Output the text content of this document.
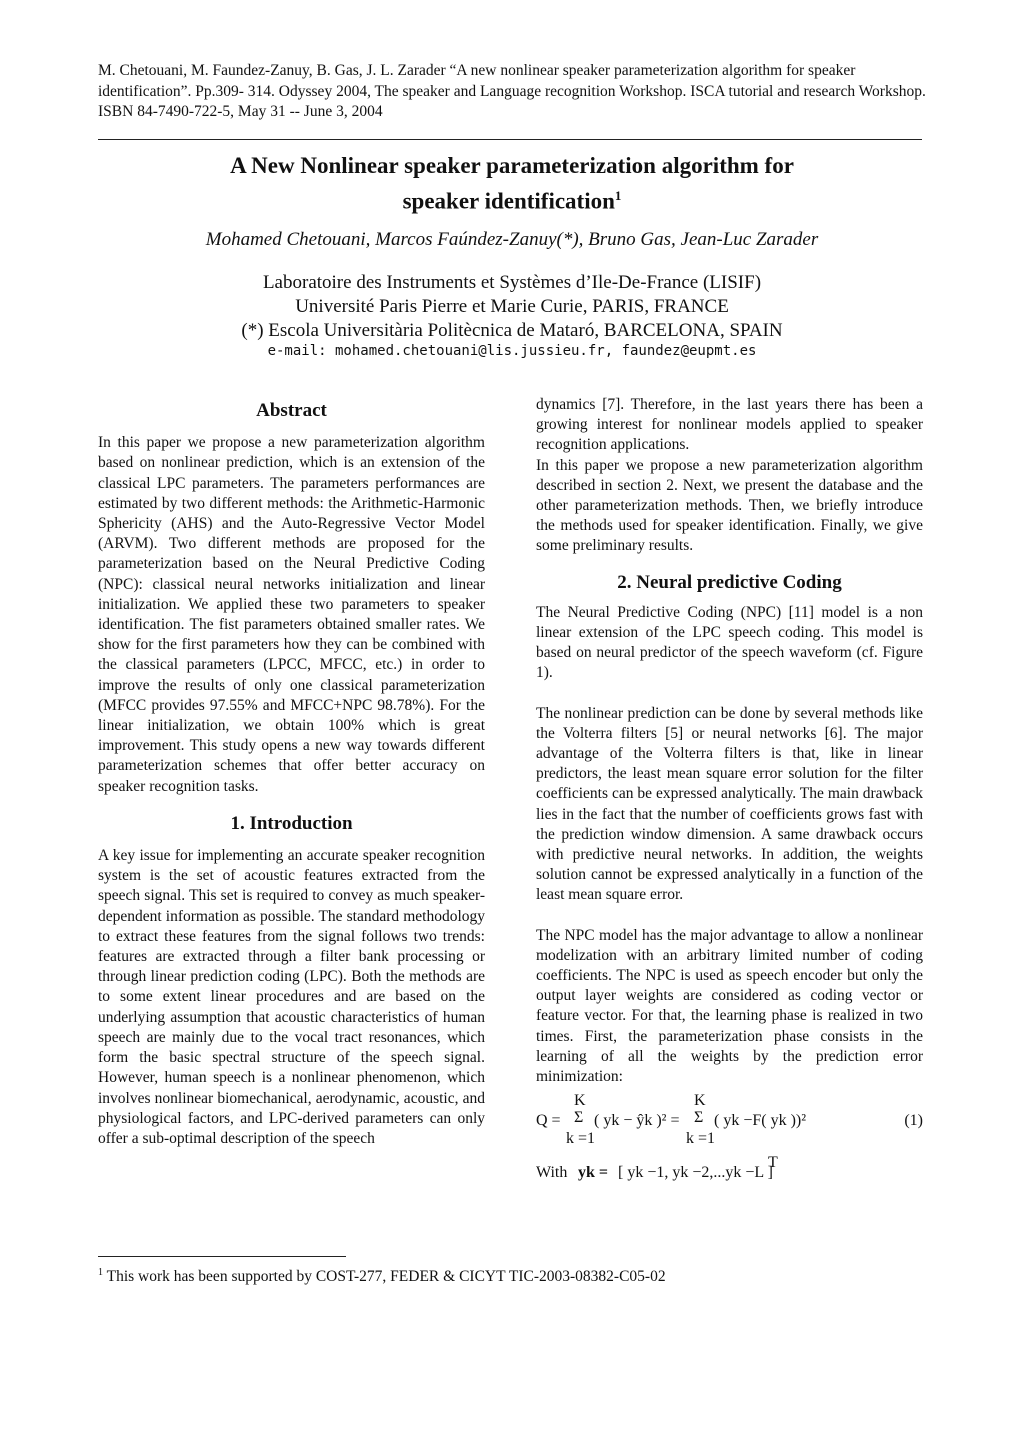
M. Chetouani, M. Faundez-Zanuy, B. Gas, J. L. Zarader “A new nonlinear speaker parameterization algorithm for speaker identification”. Pp.309- 314. Odyssey 2004, The speaker and Language recognition Workshop. ISCA tutorial and research Workshop. ISBN 84-7490-722-5, May 31 -- June 3, 2004
A New Nonlinear speaker parameterization algorithm for
speaker identification$^1$
Mohamed Chetouani, Marcos Faúndez-Zanuy(*), Bruno Gas, Jean-Luc Zarader
Laboratoire des Instruments et Systèmes d’Ile-De-France (LISIF)
Université Paris Pierre et Marie Curie, PARIS, FRANCE
(*) Escola Universitària Politècnica de Mataró, BARCELONA, SPAIN
e-mail: mohamed.chetouani@lis.jussieu.fr, faundez@eupmt.es
Abstract

In this paper we propose a new parameterization algorithm based on nonlinear prediction, which is an extension of the classical LPC parameters. The parameters performances are estimated by two different methods: the Arithmetic-Harmonic Sphericity (AHS) and the Auto-Regressive Vector Model (ARVM). Two different methods are proposed for the parameterization based on the Neural Predictive Coding (NPC): classical neural networks initialization and linear initialization. We applied these two parameters to speaker identification. The fist parameters obtained smaller rates. We show for the first parameters how they can be combined with the classical parameters (LPCC, MFCC, etc.) in order to improve the results of only one classical parameterization (MFCC provides 97.55% and MFCC+NPC 98.78%). For the linear initialization, we obtain 100% which is great improvement. This study opens a new way towards different parameterization schemes that offer better accuracy on speaker recognition tasks.

1. Introduction

A key issue for implementing an accurate speaker recognition system is the set of acoustic features extracted from the speech signal. This set is required to convey as much speaker-dependent information as possible. The standard methodology to extract these features from the signal follows two trends: features are extracted through a filter bank processing or through linear prediction coding (LPC). Both the methods are to some extent linear procedures and are based on the underlying assumption that acoustic characteristics of human speech are mainly due to the vocal tract resonances, which form the basic spectral structure of the speech signal. However, human speech is a nonlinear phenomenon, which involves nonlinear biomechanical, aerodynamic, acoustic, and physiological factors, and LPC-derived parameters can only offer a sub-optimal description of the speech

dynamics [7]. Therefore, in the last years there has been a growing interest for nonlinear models applied to speaker recognition applications.

In this paper we propose a new parameterization algorithm described in section 2. Next, we present the database and the other parameterization methods. Then, we briefly introduce the methods used for speaker identification. Finally, we give some preliminary results.

2. Neural predictive Coding

The Neural Predictive Coding (NPC) [11] model is a non linear extension of the LPC speech coding. This model is based on neural predictor of the speech waveform (cf. Figure 1).

The nonlinear prediction can be done by several methods like the Volterra filters [5] or neural networks [6]. The major advantage of the Volterra filters is that, like in linear predictors, the least mean square error solution for the filter coefficients can be expressed analytically. The main drawback lies in the fact that the number of coefficients grows fast with the prediction window dimension. A same drawback occurs with predictive neural networks. In addition, the weights solution cannot be expressed analytically in a function of the least mean square error.

The NPC model has the major advantage to allow a nonlinear modelization with an arbitrary limited number of coding coefficients. The NPC is used as speech encoder but only the output layer weights are considered as coding vector or feature vector. For that, the learning phase is realized in two times. First, the parameterization phase consists in the learning of all the weights by the prediction error minimization:

Q =
K
Σ
k =1
( yk − ŷk )² =
K
Σ
k =1
( yk −F( yk ))²	(1)
With yk = [ yk −1, yk −2,...yk −L ]
T
$^1$ This work has been supported by COST-277, FEDER & CICYT TIC-2003-08382-C05-02
